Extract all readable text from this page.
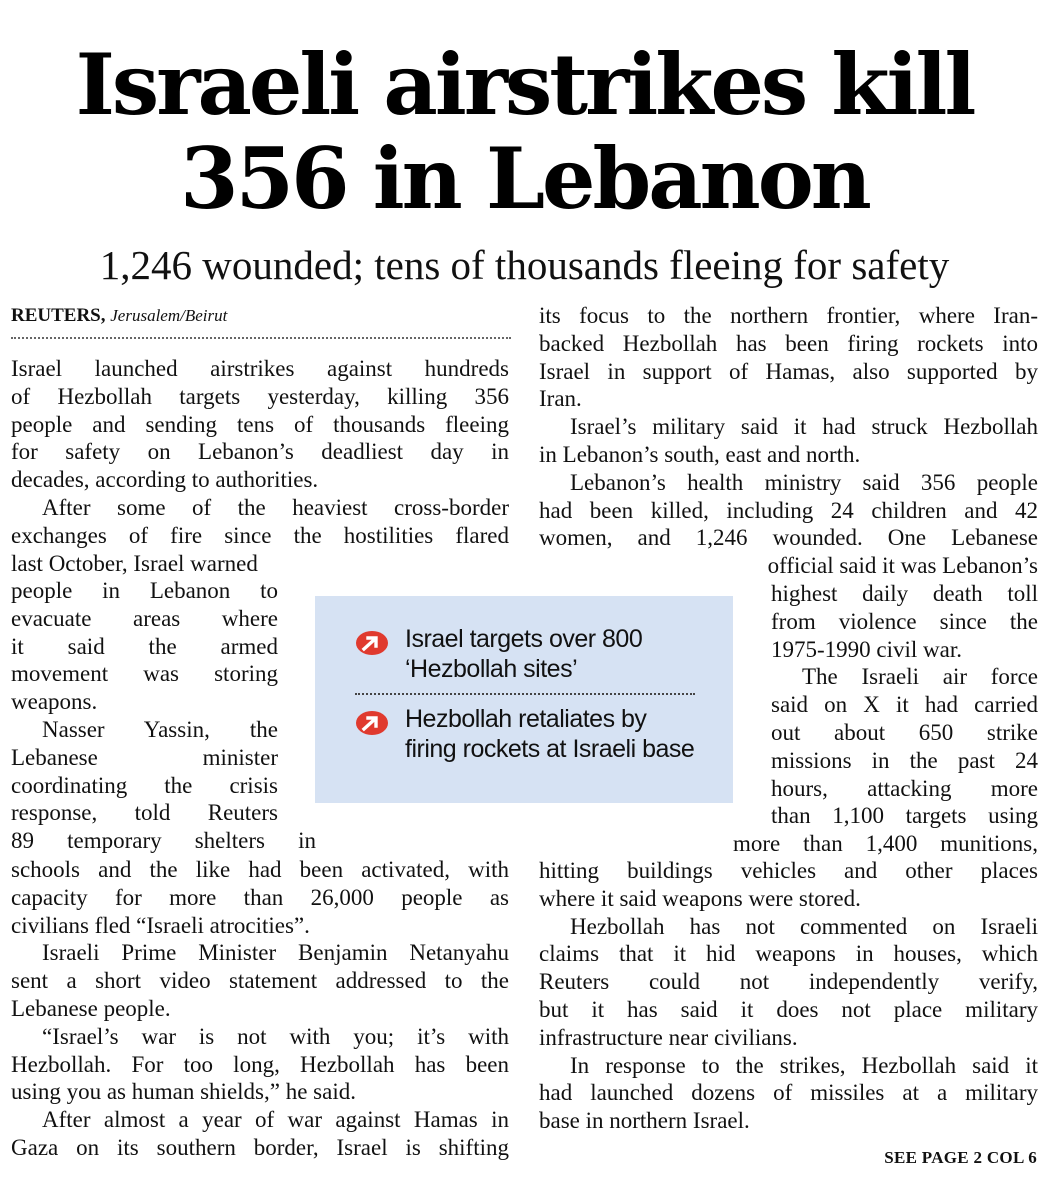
Israeli airstrikes kill
356 in Lebanon
1,246 wounded; tens of thousands fleeing for safety
REUTERS, Jerusalem/Beirut
Israel launched airstrikes against hundreds
of Hezbollah targets yesterday, killing 356
people and sending tens of thousands fleeing
for safety on Lebanon’s deadliest day in
decades, according to authorities.
After some of the heaviest cross-border
exchanges of fire since the hostilities flared
last October, Israel warned
people in Lebanon to
evacuate areas where
it said the armed
movement was storing
weapons.
Nasser Yassin, the
Lebanese minister
coordinating the crisis
response, told Reuters
89 temporary shelters in
schools and the like had been activated, with
capacity for more than 26,000 people as
civilians fled “Israeli atrocities”.
Israeli Prime Minister Benjamin Netanyahu
sent a short video statement addressed to the
Lebanese people.
“Israel’s war is not with you; it’s with
Hezbollah. For too long, Hezbollah has been
using you as human shields,” he said.
After almost a year of war against Hamas in
Gaza on its southern border, Israel is shifting
its focus to the northern frontier, where Iran-
backed Hezbollah has been firing rockets into
Israel in support of Hamas, also supported by
Iran.
Israel’s military said it had struck Hezbollah
in Lebanon’s south, east and north.
Lebanon’s health ministry said 356 people
had been killed, including 24 children and 42
women, and 1,246 wounded. One Lebanese
official said it was Lebanon’s
highest daily death toll
from violence since the
1975-1990 civil war.
The Israeli air force
said on X it had carried
out about 650 strike
missions in the past 24
hours, attacking more
than 1,100 targets using
more than 1,400 munitions,
hitting buildings vehicles and other places
where it said weapons were stored.
Hezbollah has not commented on Israeli
claims that it hid weapons in houses, which
Reuters could not independently verify,
but it has said it does not place military
infrastructure near civilians.
In response to the strikes, Hezbollah said it
had launched dozens of missiles at a military
base in northern Israel.
Israel targets over 800
‘Hezbollah sites’
Hezbollah retaliates by
firing rockets at Israeli base
SEE PAGE 2 COL 6
